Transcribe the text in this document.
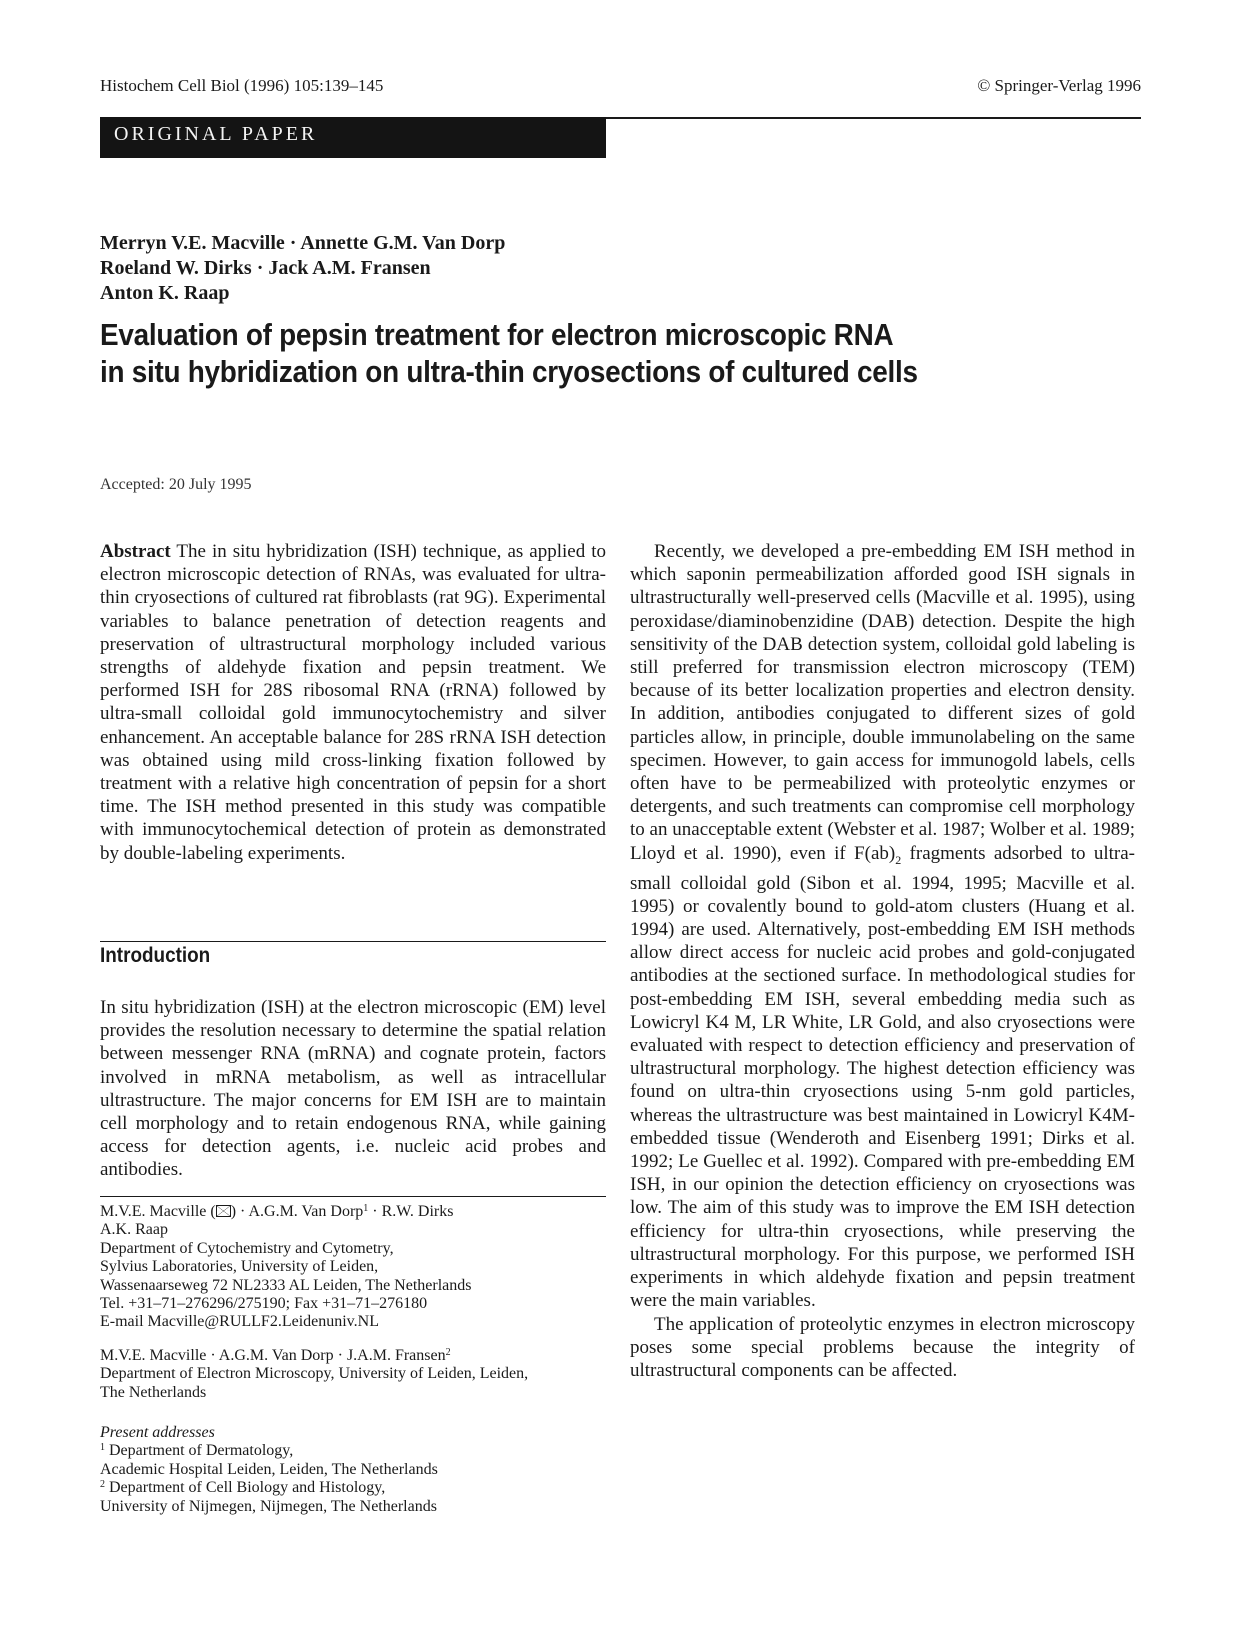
Histochem Cell Biol (1996) 105:139–145	© Springer-Verlag 1996
ORIGINAL PAPER
Merryn V.E. Macville · Annette G.M. Van Dorp
Roeland W. Dirks · Jack A.M. Fransen
Anton K. Raap
Evaluation of pepsin treatment for electron microscopic RNA
in situ hybridization on ultra-thin cryosections of cultured cells
Accepted: 20 July 1995

Abstract The in situ hybridization (ISH) technique, as applied to electron microscopic detection of RNAs, was evaluated for ultra-thin cryosections of cultured rat fibroblasts (rat 9G). Experimental variables to balance penetration of detection reagents and preservation of ultrastructural morphology included various strengths of aldehyde fixation and pepsin treatment. We performed ISH for 28S ribosomal RNA (rRNA) followed by ultra-small colloidal gold immunocytochemistry and silver enhancement. An acceptable balance for 28S rRNA ISH detection was obtained using mild cross-linking fixation followed by treatment with a relative high concentration of pepsin for a short time. The ISH method presented in this study was compatible with immunocytochemical detection of protein as demonstrated by double-labeling experiments.

Introduction

In situ hybridization (ISH) at the electron microscopic (EM) level provides the resolution necessary to determine the spatial relation between messenger RNA (mRNA) and cognate protein, factors involved in mRNA metabolism, as well as intracellular ultrastructure. The major concerns for EM ISH are to maintain cell morphology and to retain endogenous RNA, while gaining access for detection agents, i.e. nucleic acid probes and antibodies.

M.V.E. Macville ( ) · A.G.M. Van Dorp$^1$ · R.W. Dirks
A.K. Raap
Department of Cytochemistry and Cytometry,
Sylvius Laboratories, University of Leiden,
Wassenaarseweg 72 NL2333 AL Leiden, The Netherlands
Tel. +31–71–276296/275190; Fax +31–71–276180
E-mail Macville@RULLF2.Leidenuniv.NL
M.V.E. Macville · A.G.M. Van Dorp · J.A.M. Fransen$^2$
Department of Electron Microscopy, University of Leiden, Leiden,
The Netherlands
Present addresses
$^1$ Department of Dermatology,
Academic Hospital Leiden, Leiden, The Netherlands
$^2$ Department of Cell Biology and Histology,
University of Nijmegen, Nijmegen, The Netherlands

Recently, we developed a pre-embedding EM ISH method in which saponin permeabilization afforded good ISH signals in ultrastructurally well-preserved cells (Macville et al. 1995), using peroxidase/diaminobenzidine (DAB) detection. Despite the high sensitivity of the DAB detection system, colloidal gold labeling is still preferred for transmission electron microscopy (TEM) because of its better localization properties and electron density. In addition, antibodies conjugated to different sizes of gold particles allow, in principle, double immunolabeling on the same specimen. However, to gain access for immunogold labels, cells often have to be permeabilized with proteolytic enzymes or detergents, and such treatments can compromise cell morphology to an unacceptable extent (Webster et al. 1987; Wolber et al. 1989; Lloyd et al. 1990), even if $F(ab)_2$ fragments adsorbed to ultra-small colloidal gold (Sibon et al. 1994, 1995; Macville et al. 1995) or covalently bound to gold-atom clusters (Huang et al. 1994) are used. Alternatively, post-embedding EM ISH methods allow direct access for nucleic acid probes and gold-conjugated antibodies at the sectioned surface. In methodological studies for post-embedding EM ISH, several embedding media such as Lowicryl K4 M, LR White, LR Gold, and also cryosections were evaluated with respect to detection efficiency and preservation of ultrastructural morphology. The highest detection efficiency was found on ultra-thin cryosections using 5-nm gold particles, whereas the ultrastructure was best maintained in Lowicryl K4M-embedded tissue (Wenderoth and Eisenberg 1991; Dirks et al. 1992; Le Guellec et al. 1992). Compared with pre-embedding EM ISH, in our opinion the detection efficiency on cryosections was low. The aim of this study was to improve the EM ISH detection efficiency for ultra-thin cryosections, while preserving the ultrastructural morphology. For this purpose, we performed ISH experiments in which aldehyde fixation and pepsin treatment were the main variables.

The application of proteolytic enzymes in electron microscopy poses some special problems because the integrity of ultrastructural components can be affected.
